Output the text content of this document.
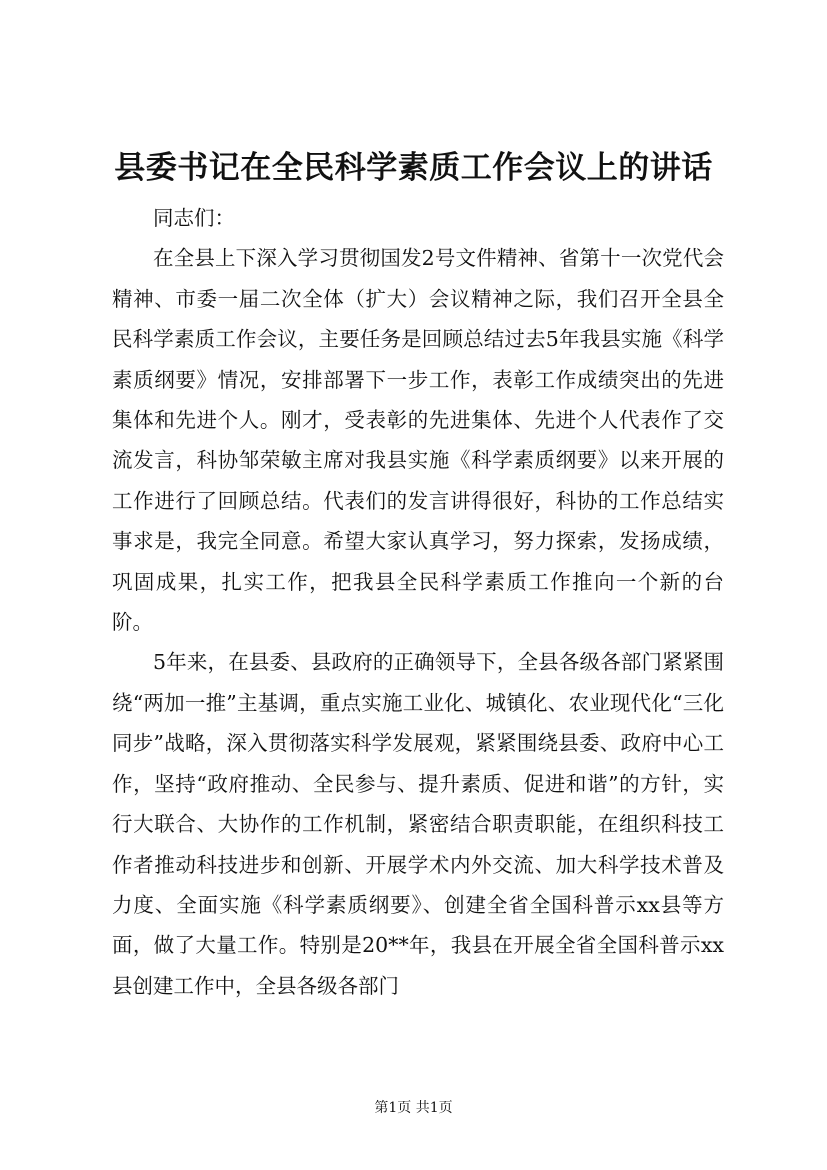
县委书记在全民科学素质工作会议上的讲话

同志们：

在全县上下深入学习贯彻国发2号文件精神、省第十一次党代会精神、市委一届二次全体（扩大）会议精神之际，我们召开全县全民科学素质工作会议，主要任务是回顾总结过去5年我县实施《科学素质纲要》情况，安排部署下一步工作，表彰工作成绩突出的先进集体和先进个人。刚才，受表彰的先进集体、先进个人代表作了交流发言，科协邹荣敏主席对我县实施《科学素质纲要》以来开展的工作进行了回顾总结。代表们的发言讲得很好，科协的工作总结实事求是，我完全同意。希望大家认真学习，努力探索，发扬成绩，巩固成果，扎实工作，把我县全民科学素质工作推向一个新的台阶。

5年来，在县委、县政府的正确领导下，全县各级各部门紧紧围绕“两加一推”主基调，重点实施工业化、城镇化、农业现代化“三化同步”战略，深入贯彻落实科学发展观，紧紧围绕县委、政府中心工作，坚持“政府推动、全民参与、提升素质、促进和谐”的方针，实行大联合、大协作的工作机制，紧密结合职责职能，在组织科技工作者推动科技进步和创新、开展学术内外交流、加大科学技术普及力度、全面实施《科学素质纲要》、创建全省全国科普示xx县等方面，做了大量工作。特别是20**年，我县在开展全省全国科普示xx县创建工作中，全县各级各部门

第1页 共1页
